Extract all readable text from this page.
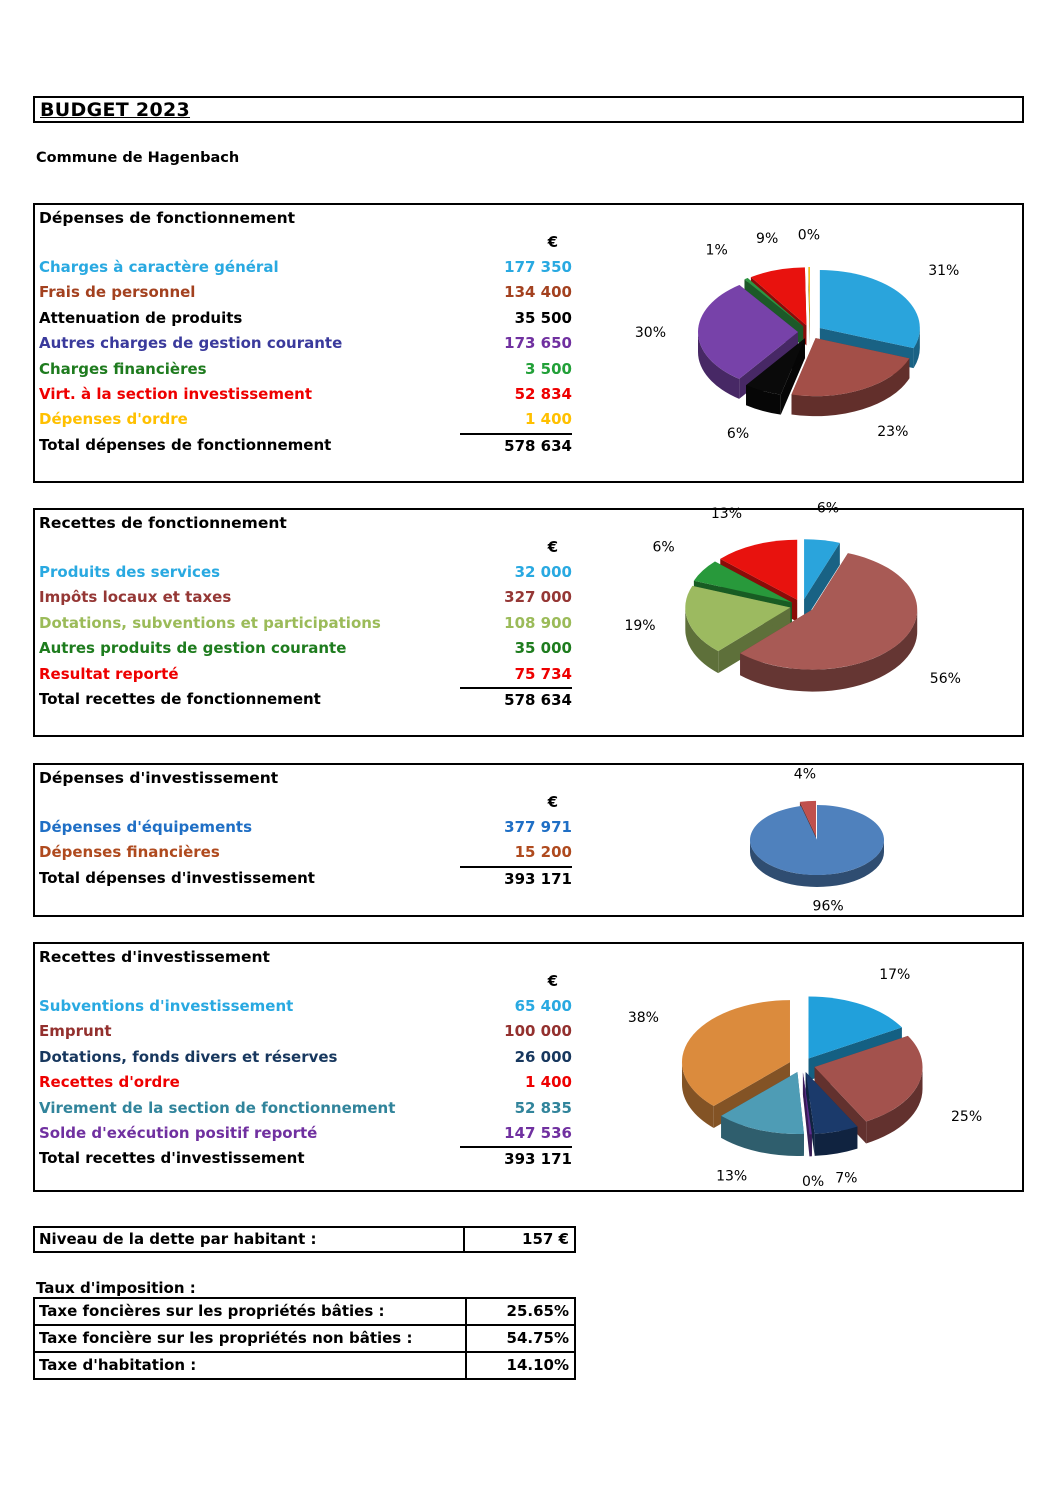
BUDGET 2023
Commune de Hagenbach
Dépenses de fonctionnement
€
Charges à caractère général	177 350
Frais de personnel	134 400
Attenuation de produits	35 500
Autres charges de gestion courante	173 650
Charges financières	3 500
Virt. à la section investissement	52 834
Dépenses d'ordre	1 400
Total dépenses de fonctionnement	578 634
31%
23%
6%
30%
1%
9% 0%
Recettes de fonctionnement
€
Produits des services	32 000
Impôts locaux et taxes	327 000
Dotations, subventions et participations	108 900
Autres produits de gestion courante	35 000
Resultat reporté	75 734
Total recettes de fonctionnement	578 634
6%
56%
19%
6%
13%
Dépenses d'investissement
€
Dépenses d'équipements	377 971
Dépenses financières	15 200
Total dépenses d'investissement	393 171
96%
4%
Recettes d'investissement
€
Subventions d'investissement	65 400
Emprunt	100 000
Dotations, fonds divers et réserves	26 000
Recettes d'ordre	1 400
Virement de la section de fonctionnement	52 835
Solde d'exécution positif reporté	147 536
Total recettes d'investissement	393 171
17%
25%
7%
0%
13%
38%
Niveau de la dette par habitant :	157 €
Taux d'imposition :
Taxe foncières sur les propriétés bâties :	25.65%
Taxe foncière sur les propriétés non bâties :	54.75%
Taxe d'habitation :	14.10%
